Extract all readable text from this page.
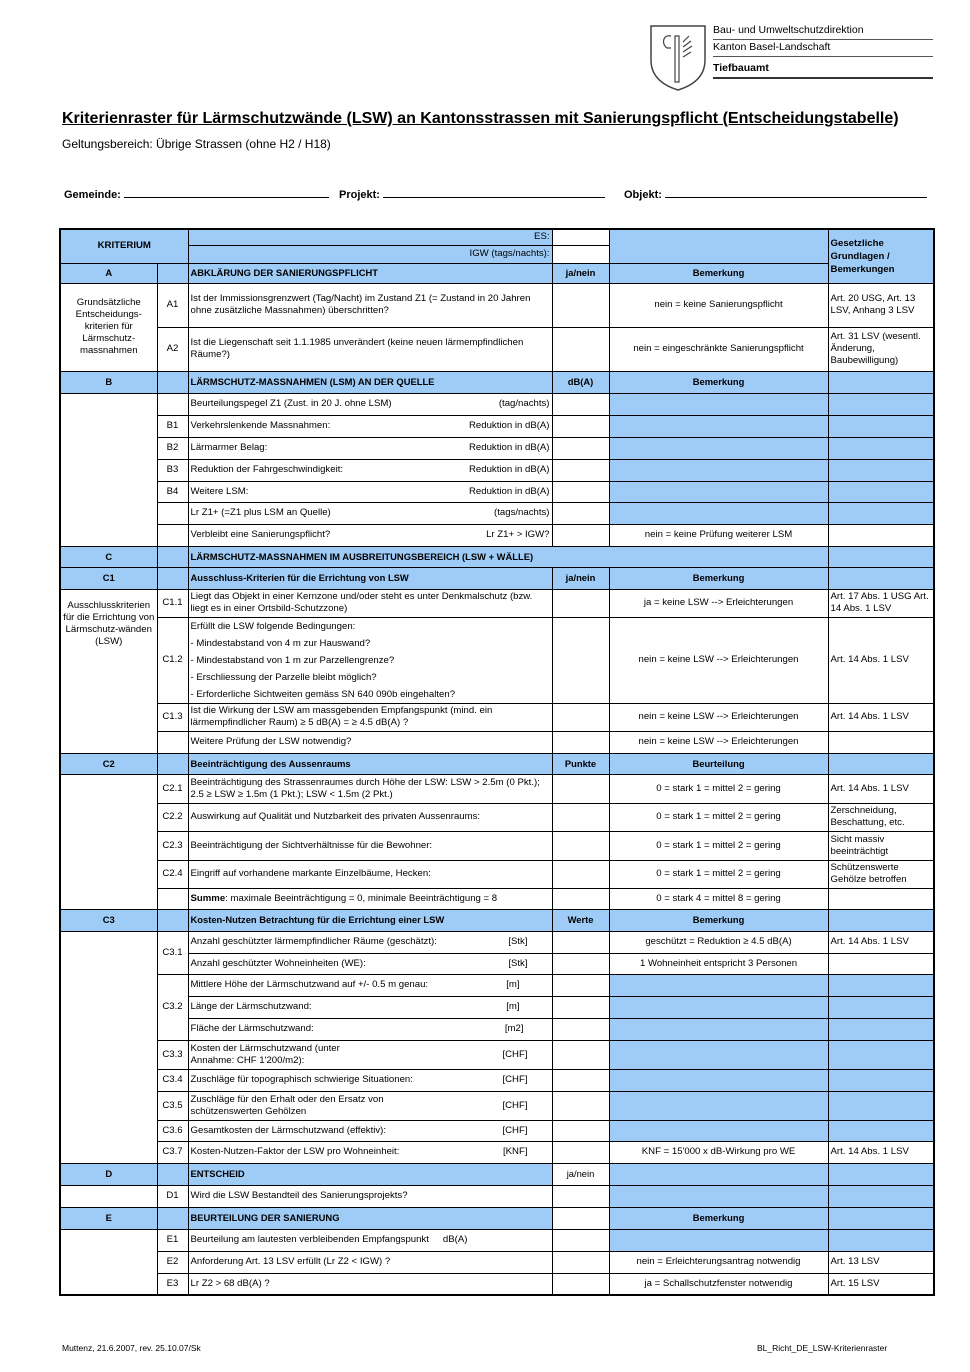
Bau- und Umweltschutzdirektion
Kanton Basel-Landschaft
Tiefbauamt
Kriterienraster für Lärmschutzwände (LSW) an Kantonsstrassen mit Sanierungspflicht (Entscheidungstabelle)
Geltungsbereich: Übrige Strassen (ohne H2 / H18)
Gemeinde:	Projekt:	Objekt:
KRITERIUM		ES:			Gesetzliche Grundlagen / Bemerkungen
		IGW (tags/nachts):			
A		ABKLÄRUNG DER SANIERUNGSPFLICHT	ja/nein	Bemerkung	
Grundsätzliche Entscheidungs-kriterien für Lärmschutz-massnahmen	A1	Ist der Immissionsgrenzwert (Tag/Nacht) im Zustand Z1 (= Zustand in 20 Jahren ohne zusätzliche Massnahmen) überschritten?		nein = keine Sanierungspflicht	Art. 20 USG, Art. 13 LSV, Anhang 3 LSV
	A2	Ist die Liegenschaft seit 1.1.1985 unverändert (keine neuen lärmempfindlichen Räume?)		nein = eingeschränkte Sanierungspflicht	Art. 31 LSV (wesentl. Änderung, Baubewilligung)
B		LÄRMSCHUTZ-MASSNAHMEN (LSM) AN DER QUELLE	dB(A)	Bemerkung	

		Beurteilungspegel Z1 (Zust. in 20 J. ohne LSM) (tag/nachts)			

	B1	Verkehrslenkende Massnahmen: Reduktion in dB(A)			

	B2	Lärmarmer Belag: Reduktion in dB(A)			

	B3	Reduktion der Fahrgeschwindigkeit: Reduktion in dB(A)			

	B4	Weitere LSM: Reduktion in dB(A)			

		Lr Z1+ (=Z1 plus LSM an Quelle) (tags/nachts)			

		Verbleibt eine Sanierungspflicht? Lr Z1+ > IGW?		nein = keine Prüfung weiterer LSM	
C		LÄRMSCHUTZ-MASSNAHMEN IM AUSBREITUNGSBEREICH (LSW + WÄLLE)			
C1		Ausschluss-Kriterien für die Errichtung von LSW	ja/nein	Bemerkung	
Ausschlusskriterien für die Errichtung von Lärmschutz-wänden (LSW)	C1.1	Liegt das Objekt in einer Kernzone und/oder steht es unter Denkmalschutz (bzw. liegt es in einer Ortsbild-Schutzzone)		ja = keine LSW --> Erleichterungen	Art. 17 Abs. 1 USG Art. 14 Abs. 1 LSV
	C1.2	Erfüllt die LSW folgende Bedingungen:
- Mindestabstand von 4 m zur Hauswand?
- Mindestabstand von 1 m zur Parzellengrenze?
- Erschliessung der Parzelle bleibt möglich?
- Erforderliche Sichtweiten gemäss SN 640 090b eingehalten?		nein = keine LSW --> Erleichterungen	Art. 14 Abs. 1 LSV
	C1.3	Ist die Wirkung der LSW am massgebenden Empfangspunkt (mind. ein lärmempfindlicher Raum) ≥ 5 dB(A) = ≥ 4.5 dB(A) ?		nein = keine LSW --> Erleichterungen	Art. 14 Abs. 1 LSV
		Weitere Prüfung der LSW notwendig?		nein = keine LSW --> Erleichterungen	
C2		Beeinträchtigung des Aussenraums	Punkte	Beurteilung	
	C2.1	Beeinträchtigung des Strassenraumes durch Höhe der LSW: LSW > 2.5m (0 Pkt.); 2.5 ≥ LSW ≥ 1.5m (1 Pkt.); LSW < 1.5m (2 Pkt.)		0 = stark 1 = mittel 2 = gering	Art. 14 Abs. 1 LSV
	C2.2	Auswirkung auf Qualität und Nutzbarkeit des privaten Aussenraums:		0 = stark 1 = mittel 2 = gering	Zerschneidung, Beschattung, etc.
	C2.3	Beeinträchtigung der Sichtverhältnisse für die Bewohner:		0 = stark 1 = mittel 2 = gering	Sicht massiv beeinträchtigt
	C2.4	Eingriff auf vorhandene markante Einzelbäume, Hecken:		0 = stark 1 = mittel 2 = gering	Schützenswerte Gehölze betroffen
		Summe: maximale Beeinträchtigung = 0, minimale Beeinträchtigung = 8		0 = stark 4 = mittel 8 = gering	
C3		Kosten-Nutzen Betrachtung für die Errichtung einer LSW	Werte	Bemerkung	
	C3.1	Anzahl geschützter lärmempfindlicher Räume (geschätzt): [Stk]		geschützt = Reduktion ≥ 4.5 dB(A)	Art. 14 Abs. 1 LSV

		Anzahl geschützter Wohneinheiten (WE): [Stk]		1 Wohneinheit entspricht 3 Personen	
	C3.2	Mittlere Höhe der Lärmschutzwand auf +/- 0.5 m genau: [m]			

		Länge der Lärmschutzwand: [m]			

		Fläche der Lärmschutzwand: [m2]			

	C3.3	Kosten der Lärmschutzwand (unter Annahme: CHF 1'200/m2):
[CHF]			

	C3.4	Zuschläge für topographisch schwierige Situationen: [CHF]			

	C3.5	Zuschläge für den Erhalt oder den Ersatz von schützenswerten Gehölzen
[CHF]			

	C3.6	Gesamtkosten der Lärmschutzwand (effektiv): [CHF]			

	C3.7	Kosten-Nutzen-Faktor der LSW pro Wohneinheit: [KNF]		KNF = 15'000 x dB-Wirkung pro WE	Art. 14 Abs. 1 LSV
D		ENTSCHEID	ja/nein		
	D1	Wird die LSW Bestandteil des Sanierungsprojekts?			
E		BEURTEILUNG DER SANIERUNG		Bemerkung	
	E1	Beurteilung am lautesten verbleibenden Empfangspunkt dB(A)			
	E2	Anforderung Art. 13 LSV erfüllt (Lr Z2 < IGW) ?		nein = Erleichterungsantrag notwendig	Art. 13 LSV
	E3	Lr Z2 > 68 dB(A) ?		ja = Schallschutzfenster notwendig	Art. 15 LSV
Muttenz, 21.6.2007, rev. 25.10.07/Sk	BL_Richt_DE_LSW-Kriterienraster
